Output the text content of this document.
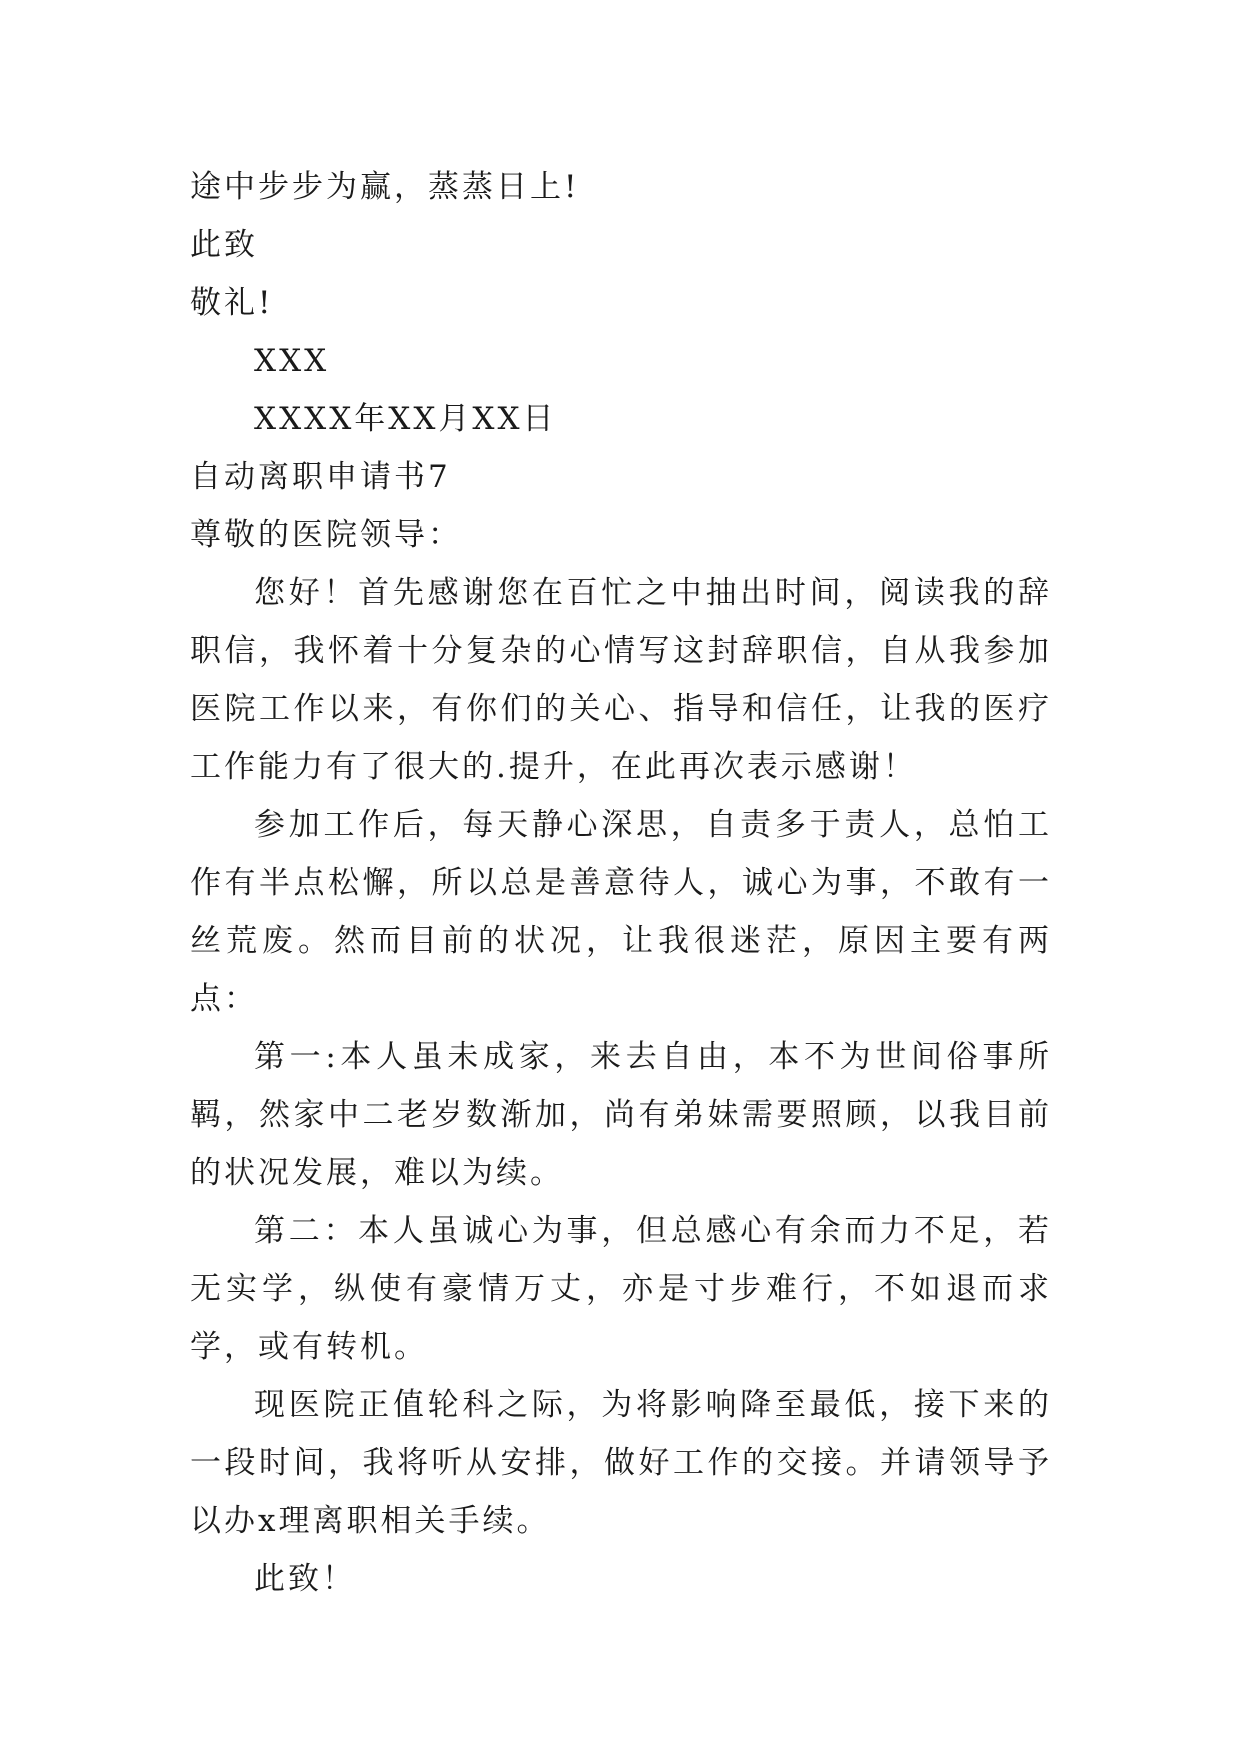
途中步步为赢，蒸蒸日上!

此致

敬礼!

XXX

XXXX年XX月XX日

自动离职申请书7

尊敬的医院领导：

您好！首先感谢您在百忙之中抽出时间，阅读我的辞职信，我怀着十分复杂的心情写这封辞职信，自从我参加医院工作以来，有你们的关心、指导和信任，让我的医疗工作能力有了很大的.提升，在此再次表示感谢！

参加工作后，每天静心深思，自责多于责人，总怕工作有半点松懈，所以总是善意待人，诚心为事，不敢有一丝荒废。然而目前的状况，让我很迷茫，原因主要有两点：

第一:本人虽未成家，来去自由，本不为世间俗事所羁，然家中二老岁数渐加，尚有弟妹需要照顾，以我目前的状况发展，难以为续。

第二：本人虽诚心为事，但总感心有余而力不足，若无实学，纵使有豪情万丈，亦是寸步难行，不如退而求学，或有转机。

现医院正值轮科之际，为将影响降至最低，接下来的一段时间，我将听从安排，做好工作的交接。并请领导予以办x理离职相关手续。

此致！
